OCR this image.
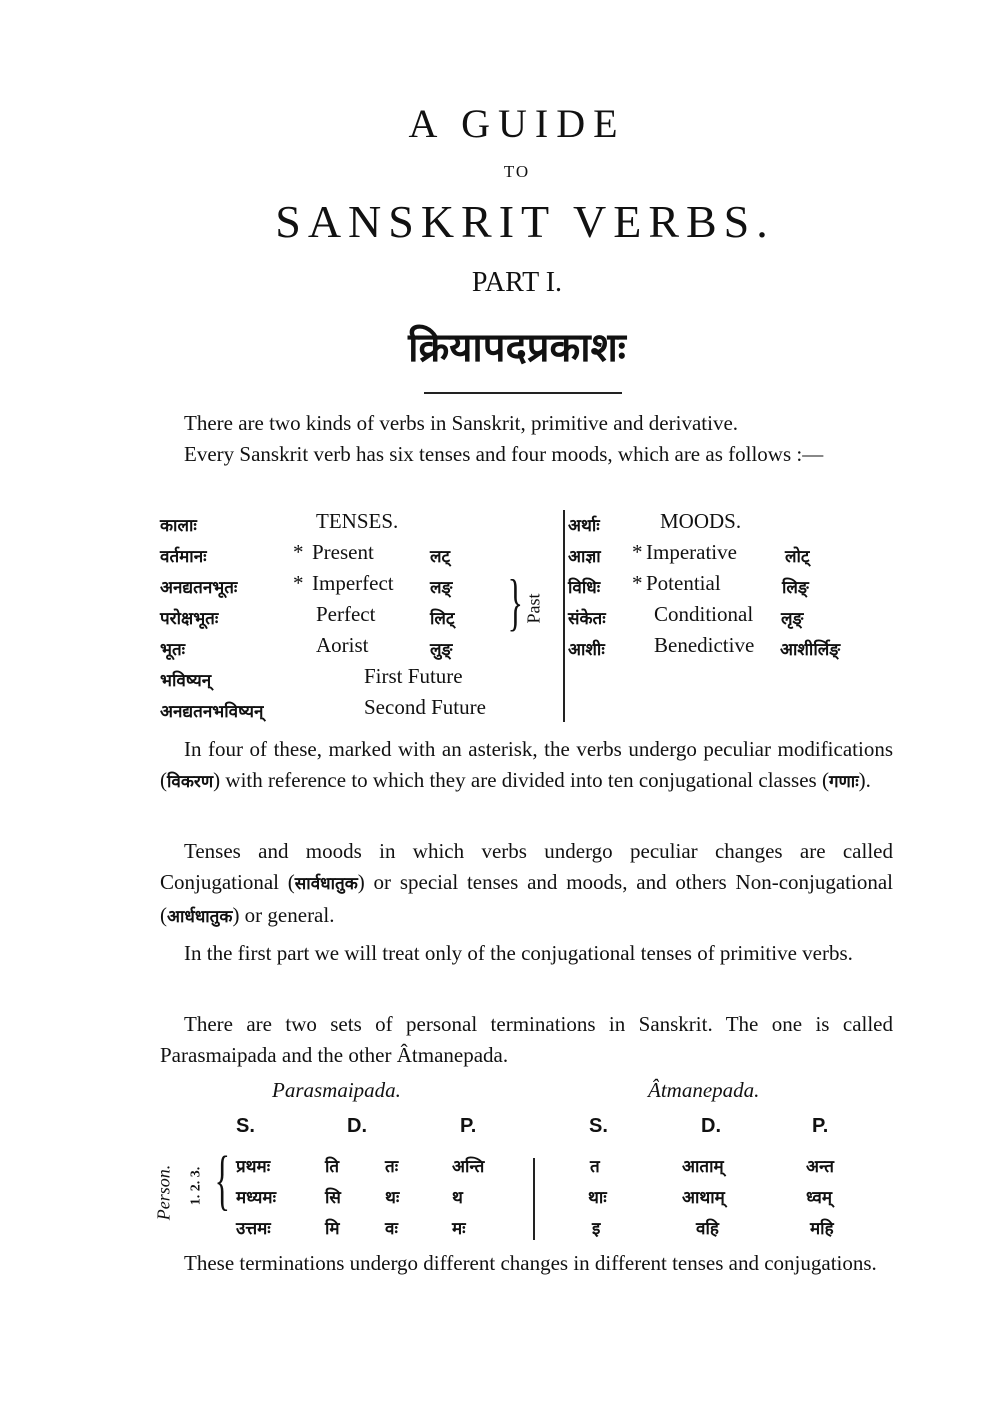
A GUIDE
TO
SANSKRIT VERBS.
PART I.
क्रियापदप्रकाशः
There are two kinds of verbs in Sanskrit, primitive and derivative.
Every Sanskrit verb has six tenses and four moods, which are as follows :—
कालाः	TENSES.
वर्तमानः	* Present	लट्
अनद्यतनभूतः	* Imperfect लङ्
परोक्षभूतः	Perfect	लिट्
भूतः	Aorist	लुङ्
भविष्यन्	First Future
अनद्यतनभविष्यन्	Second Future
} Past
अर्थाः	MOODS.
आज्ञा * Imperative	लोट्
विधिः * Potential	लिङ्
संकेतः Conditional लृङ्
आशीः Benedictive आशीर्लिङ्
In four of these, marked with an asterisk, the verbs undergo peculiar modifications (विकरण) with reference to which they are divided into ten conjugational classes (गणाः).
Tenses and moods in which verbs undergo peculiar changes are called Conjugational (सार्वधातुक) or special tenses and moods, and others Non-conjugational (आर्धधातुक) or general.
In the first part we will treat only of the conjugational tenses of primitive verbs.
There are two sets of personal terminations in Sanskrit. The one is called Parasmaipada and the other Âtmanepada.
Parasmaipada.	Âtmanepada.
S.	D.	P.	S.	D.	P.
Person. 1. 2. 3. { प्रथमः	ति	तः	अन्ति	त	आताम्	अन्त
मध्यमः	सि	थः	थ	थाः	आथाम्	ध्वम्
उत्तमः	मि	वः	मः	इ	वहि	महि
These terminations undergo different changes in different tenses and conjugations.
